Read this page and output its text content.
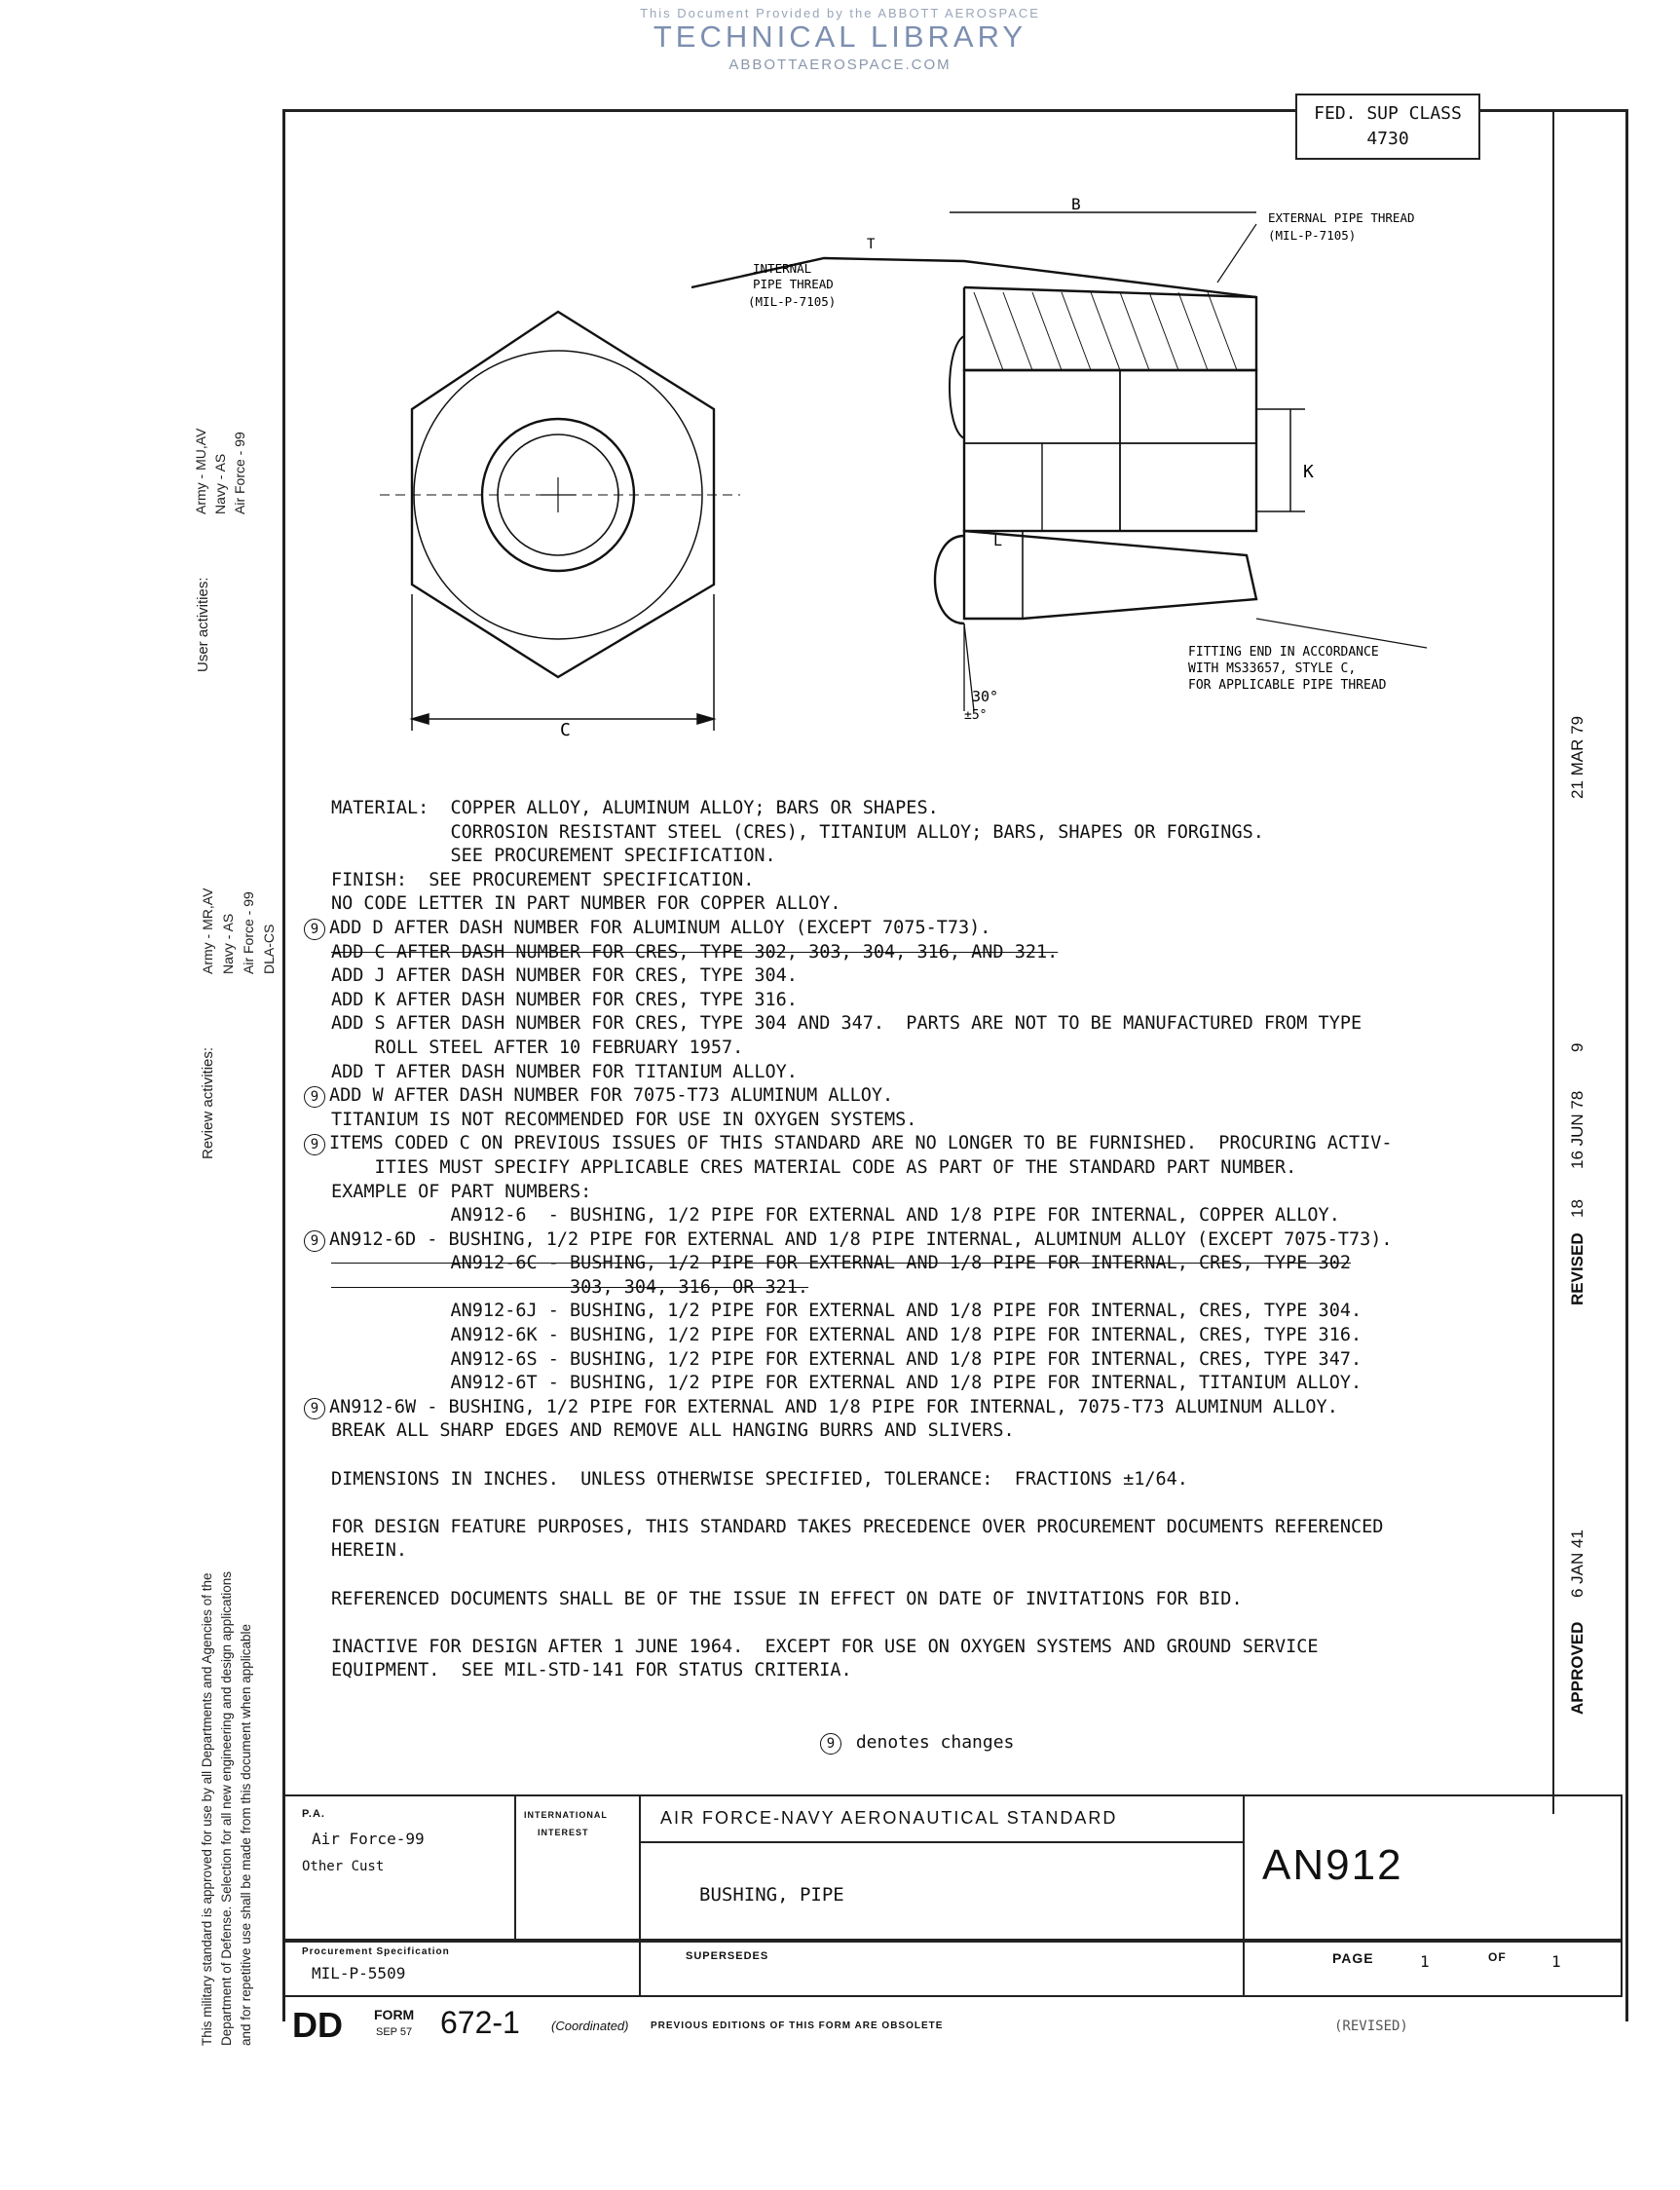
This Document Provided by the ABBOTT AEROSPACE
TECHNICAL LIBRARY
ABBOTTAEROSPACE.COM
FED. SUP CLASS
4730
User activities:
Army - MU,AV Navy - AS Air Force - 99
Review activities:
Army - MR,AV Navy - AS Air Force - 99 DLA-CS
This military standard is approved for use by all Departments and Agencies of the Department of Defense. Selection for all new engineering and design applications and for repetitive use shall be made from this document when applicable	APPROVED
6 JAN 41
REVISED
18
16 JUN 78
9
21 MAR 79
C
B
T
K
L
30°
±5°
INTERNAL
PIPE THREAD
(MIL-P-7105)
EXTERNAL PIPE THREAD
(MIL-P-7105)
FITTING END IN ACCORDANCE
WITH MS33657, STYLE C,
FOR APPLICABLE PIPE THREAD
MATERIAL:  COPPER ALLOY, ALUMINUM ALLOY; BARS OR SHAPES.
CORROSION RESISTANT STEEL (CRES), TITANIUM ALLOY; BARS, SHAPES OR FORGINGS.
SEE PROCUREMENT SPECIFICATION.
FINISH:  SEE PROCUREMENT SPECIFICATION.
NO CODE LETTER IN PART NUMBER FOR COPPER ALLOY.
9 ADD D AFTER DASH NUMBER FOR ALUMINUM ALLOY (EXCEPT 7075-T73).
ADD C AFTER DASH NUMBER FOR CRES, TYPE 302, 303, 304, 316, AND 321.
ADD J AFTER DASH NUMBER FOR CRES, TYPE 304.
ADD K AFTER DASH NUMBER FOR CRES, TYPE 316.
ADD S AFTER DASH NUMBER FOR CRES, TYPE 304 AND 347.  PARTS ARE NOT TO BE MANUFACTURED FROM TYPE
ROLL STEEL AFTER 10 FEBRUARY 1957.
ADD T AFTER DASH NUMBER FOR TITANIUM ALLOY.
9 ADD W AFTER DASH NUMBER FOR 7075-T73 ALUMINUM ALLOY.
TITANIUM IS NOT RECOMMENDED FOR USE IN OXYGEN SYSTEMS.
9 ITEMS CODED C ON PREVIOUS ISSUES OF THIS STANDARD ARE NO LONGER TO BE FURNISHED.  PROCURING ACTIV-
ITIES MUST SPECIFY APPLICABLE CRES MATERIAL CODE AS PART OF THE STANDARD PART NUMBER.
EXAMPLE OF PART NUMBERS:
AN912-6  - BUSHING, 1/2 PIPE FOR EXTERNAL AND 1/8 PIPE FOR INTERNAL, COPPER ALLOY.
9 AN912-6D - BUSHING, 1/2 PIPE FOR EXTERNAL AND 1/8 PIPE INTERNAL, ALUMINUM ALLOY (EXCEPT 7075-T73).
AN912-6C - BUSHING, 1/2 PIPE FOR EXTERNAL AND 1/8 PIPE FOR INTERNAL, CRES, TYPE 302
303, 304, 316, OR 321.
AN912-6J - BUSHING, 1/2 PIPE FOR EXTERNAL AND 1/8 PIPE FOR INTERNAL, CRES, TYPE 304.
AN912-6K - BUSHING, 1/2 PIPE FOR EXTERNAL AND 1/8 PIPE FOR INTERNAL, CRES, TYPE 316.
AN912-6S - BUSHING, 1/2 PIPE FOR EXTERNAL AND 1/8 PIPE FOR INTERNAL, CRES, TYPE 347.
AN912-6T - BUSHING, 1/2 PIPE FOR EXTERNAL AND 1/8 PIPE FOR INTERNAL, TITANIUM ALLOY.
9 AN912-6W - BUSHING, 1/2 PIPE FOR EXTERNAL AND 1/8 PIPE FOR INTERNAL, 7075-T73 ALUMINUM ALLOY.
BREAK ALL SHARP EDGES AND REMOVE ALL HANGING BURRS AND SLIVERS.
DIMENSIONS IN INCHES.  UNLESS OTHERWISE SPECIFIED, TOLERANCE:  FRACTIONS ±1/64.
FOR DESIGN FEATURE PURPOSES, THIS STANDARD TAKES PRECEDENCE OVER PROCUREMENT DOCUMENTS REFERENCED
HEREIN.
REFERENCED DOCUMENTS SHALL BE OF THE ISSUE IN EFFECT ON DATE OF INVITATIONS FOR BID.
INACTIVE FOR DESIGN AFTER 1 JUNE 1964.  EXCEPT FOR USE ON OXYGEN SYSTEMS AND GROUND SERVICE
EQUIPMENT.  SEE MIL-STD-141 FOR STATUS CRITERIA.
9 denotes changes
P.A.
Air Force-99
Other Cust
INTERNATIONAL
INTEREST
AIR FORCE-NAVY AERONAUTICAL STANDARD
BUSHING, PIPE
AN912
Procurement Specification
MIL-P-5509
SUPERSEDES	PAGE	1	OF	1
DD FORM
SEP 57 672-1 (Coordinated) PREVIOUS EDITIONS OF THIS FORM ARE OBSOLETE	(REVISED)
